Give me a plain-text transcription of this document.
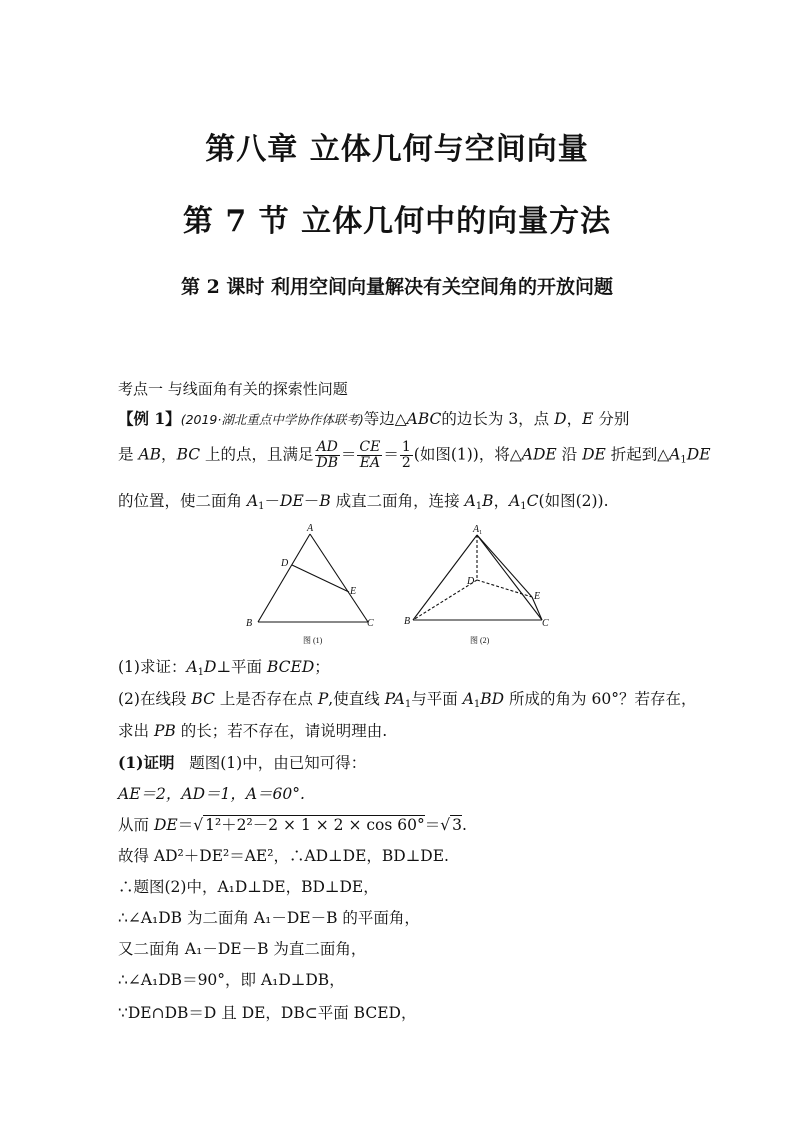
第八章 立体几何与空间向量
第 7 节 立体几何中的向量方法
第 2 课时 利用空间向量解决有关空间角的开放问题
考点一 与线面角有关的探索性问题
【例 1】(2019·湖北重点中学协作体联考)等边△ABC的边长为 3，点 D，E 分别
是 AB，BC 上的点，且满足 $\frac{AD}{DB} = \frac{CE}{EA} = \frac{1}{2}$ (如图(1))，将△ADE 沿 DE 折起到$\triangle A_1DE$
的位置，使二面角 $A_1-DE-B$ 成直二面角，连接 $A_1B$，$A_1C$(如图(2)).
A
D
E
B	C
图 (1)
$A_1$
D
E
B	C
图 (2)
(1)求证：$A_1D\perp$平面 BCED；
(2)在线段 BC 上是否存在点 P,使直线 $PA_1$与平面 $A_1BD$ 所成的角为 60°？若存在，
求出 PB 的长；若不存在，请说明理由.
(1)证明 题图(1)中，由已知可得：
AE＝2，AD＝1，A＝60°.
从而 DE＝√ 1²＋2²－2 × 1 × 2 × cos 60°＝√ 3.
故得 AD²＋DE²＝AE²，∴AD⊥DE，BD⊥DE.
∴题图(2)中，A₁D⊥DE，BD⊥DE，
∴∠A₁DB 为二面角 A₁－DE－B 的平面角，
又二面角 A₁－DE－B 为直二面角，
∴∠A₁DB＝90°，即 A₁D⊥DB，
∵DE∩DB＝D 且 DE，DB⊂平面 BCED，
